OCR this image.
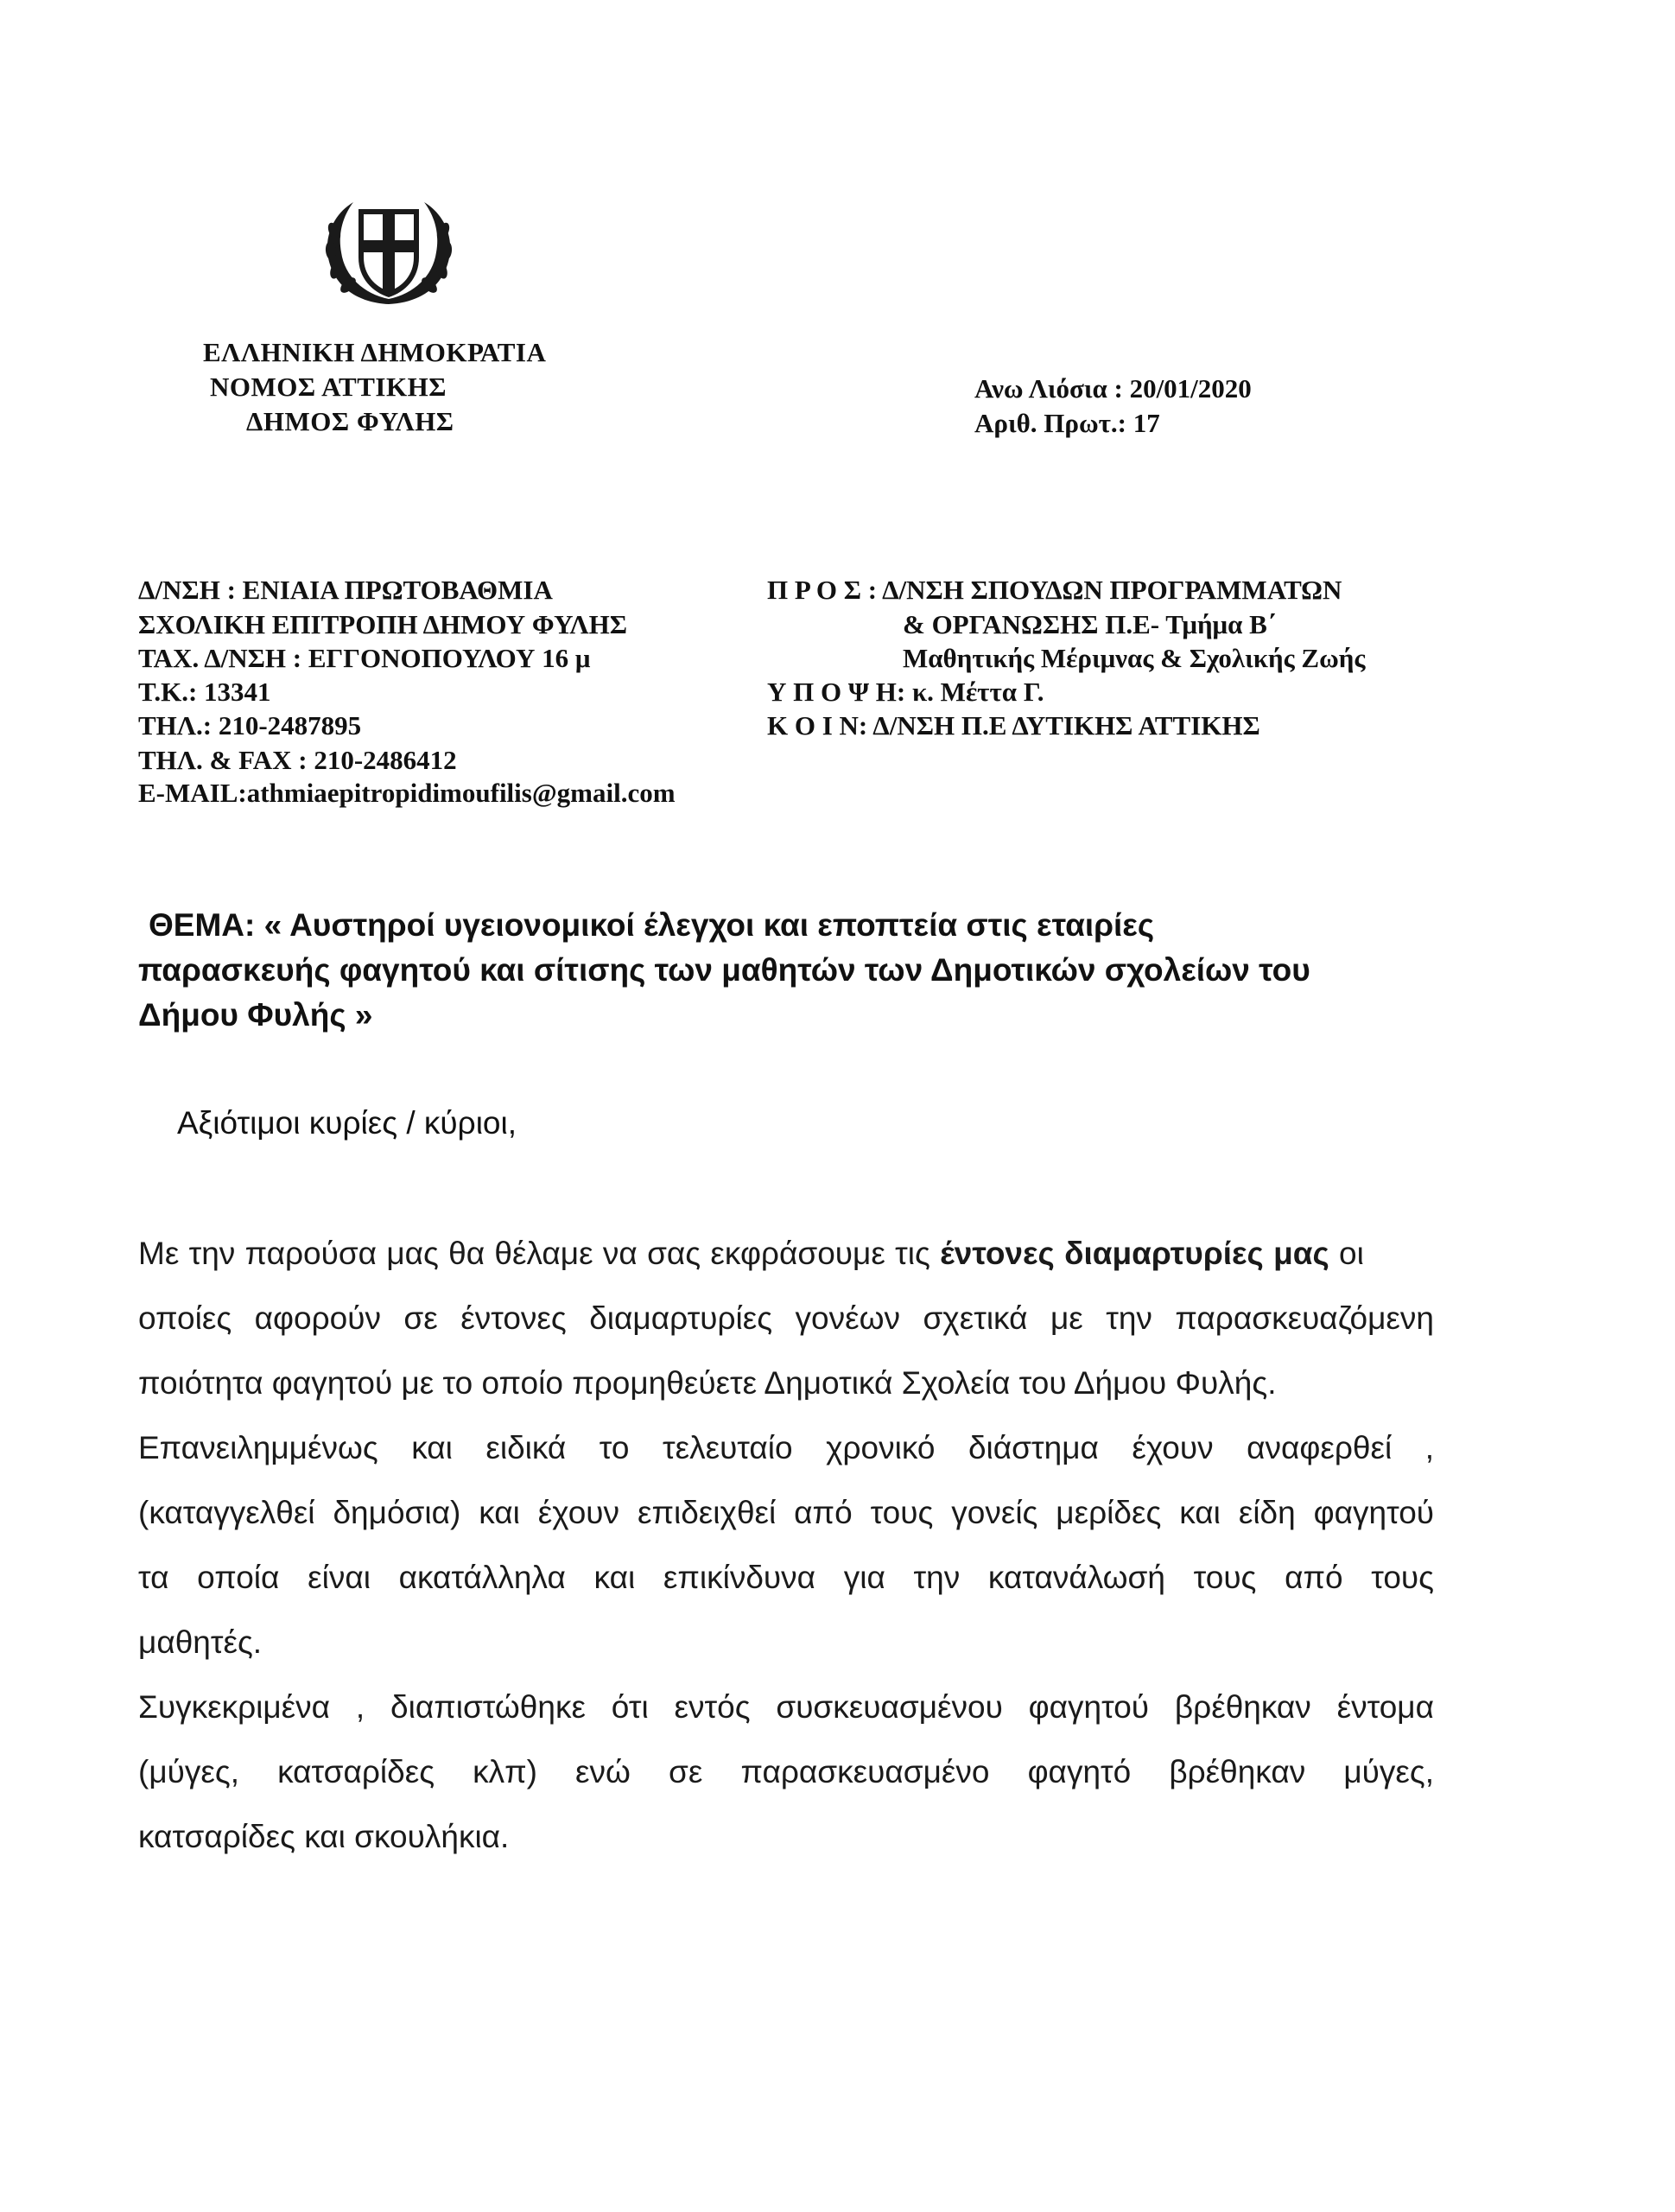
ΕΛΛΗΝΙΚΗ ΔΗΜΟΚΡΑΤΙΑ
ΝΟΜΟΣ ΑΤΤΙΚΗΣ
ΔΗΜΟΣ ΦΥΛΗΣ
Ανω Λιόσια : 20/01/2020
Αριθ. Πρωτ.: 17
Δ/ΝΣΗ : ΕΝΙΑΙΑ ΠΡΩΤΟΒΑΘΜΙΑ
ΣΧΟΛΙΚΗ ΕΠΙΤΡΟΠΗ ΔΗΜΟΥ ΦΥΛΗΣ
ΤΑΧ. Δ/ΝΣΗ : ΕΓΓΟΝΟΠΟΥΛΟΥ 16 μ
Τ.Κ.: 13341
ΤΗΛ.: 210-2487895
ΤΗΛ. & FAX : 210-2486412
E-MAIL:athmiaepitropidimoufilis@gmail.com
Π Ρ Ο Σ : Δ/ΝΣΗ ΣΠΟΥΔΩΝ ΠΡΟΓΡΑΜΜΑΤΩΝ
& ΟΡΓΑΝΩΣΗΣ Π.Ε- Τμήμα Β΄
Μαθητικής Μέριμνας & Σχολικής Ζωής
Υ Π Ο Ψ Η: κ. Μέττα Γ.
Κ Ο Ι Ν: Δ/ΝΣΗ Π.Ε ΔΥΤΙΚΗΣ ΑΤΤΙΚΗΣ
ΘΕΜΑ: « Αυστηροί υγειονομικοί έλεγχοι και εποπτεία στις εταιρίες
παρασκευής φαγητού και σίτισης των μαθητών των Δημοτικών σχολείων του
Δήμου Φυλής »
Αξιότιμοι κυρίες / κύριοι,
Με την παρούσα μας θα θέλαμε να σας εκφράσουμε τις έντονες διαμαρτυρίες μας οι
οποίες αφορούν σε έντονες διαμαρτυρίες γονέων σχετικά με την παρασκευαζόμενη
ποιότητα φαγητού με το οποίο προμηθεύετε Δημοτικά Σχολεία του Δήμου Φυλής.
Επανειλημμένως και ειδικά το τελευταίο χρονικό διάστημα έχουν αναφερθεί ,
(καταγγελθεί δημόσια) και έχουν επιδειχθεί από τους γονείς μερίδες και είδη φαγητού
τα οποία είναι ακατάλληλα και επικίνδυνα για την κατανάλωσή τους από τους
μαθητές.
Συγκεκριμένα , διαπιστώθηκε ότι εντός συσκευασμένου φαγητού βρέθηκαν έντομα
(μύγες, κατσαρίδες κλπ) ενώ σε παρασκευασμένο φαγητό βρέθηκαν μύγες,
κατσαρίδες και σκουλήκια.
